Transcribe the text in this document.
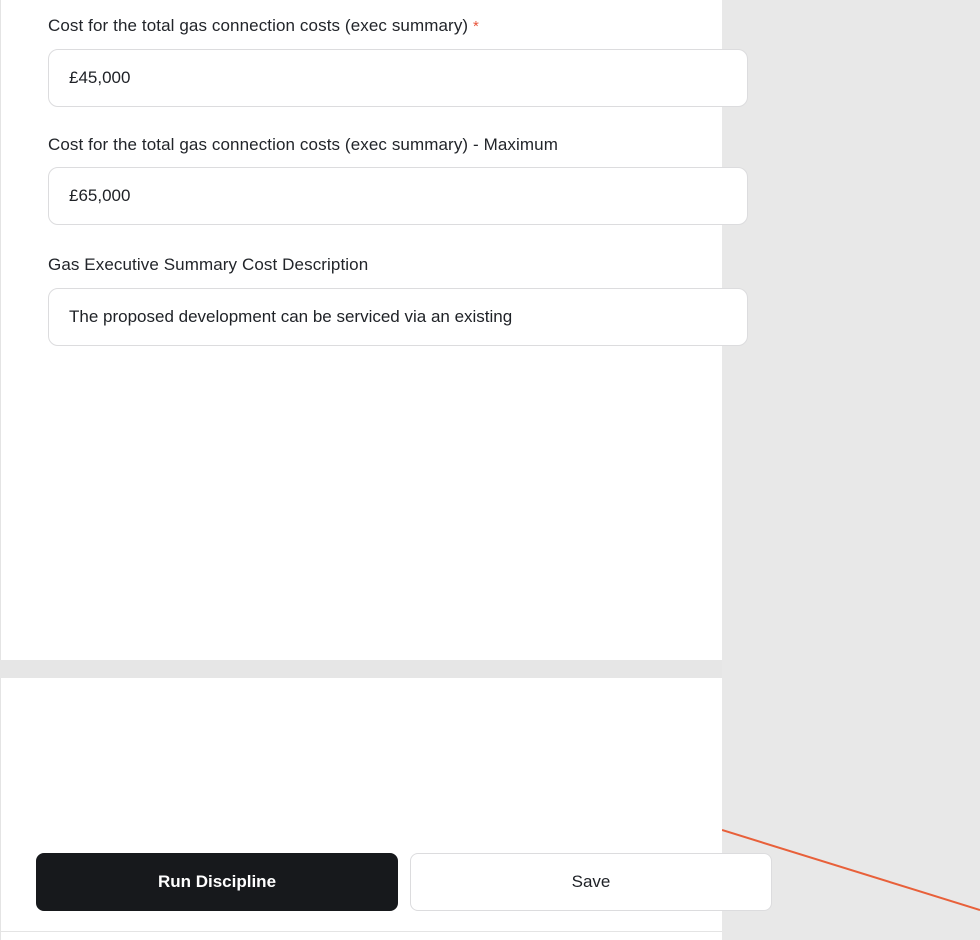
Cost for the total gas connection costs (exec summary) *
£45,000
Cost for the total gas connection costs (exec summary) - Maximum
£65,000
Gas Executive Summary Cost Description
The proposed development can be serviced via an existing
Run Discipline	Save
